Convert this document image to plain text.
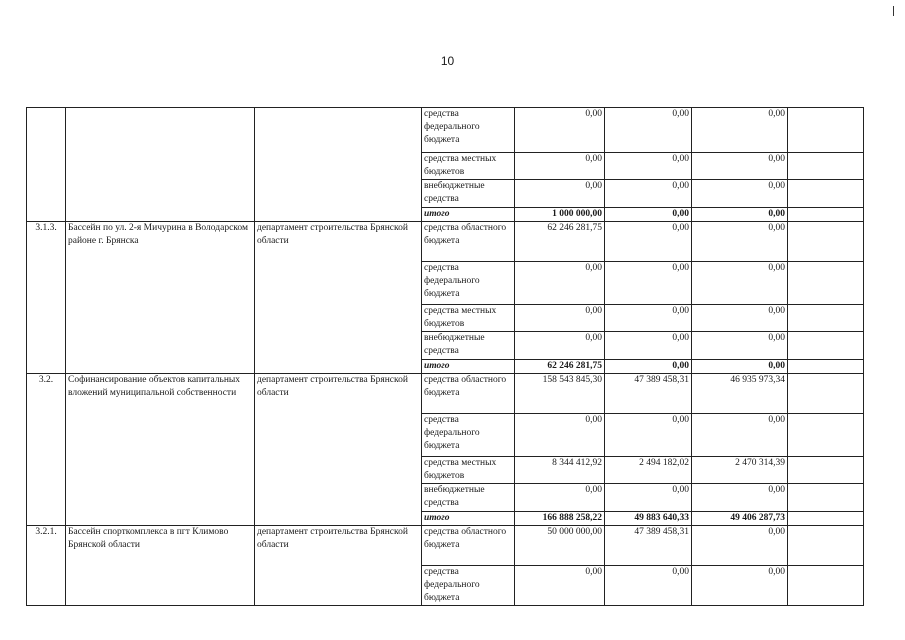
10
			средства федерального бюджета	0,00	0,00	0,00	
			средства местных бюджетов	0,00	0,00	0,00	
			внебюджетные средства	0,00	0,00	0,00	
			итого	1 000 000,00	0,00	0,00	
3.1.3.	Бассейн по ул. 2-я Мичурина в Володарском районе г. Брянска	департамент строительства Брянской области	средства областного бюджета	62 246 281,75	0,00	0,00	
			средства федерального бюджета	0,00	0,00	0,00	
			средства местных бюджетов	0,00	0,00	0,00	
			внебюджетные средства	0,00	0,00	0,00	
			итого	62 246 281,75	0,00	0,00	
3.2.	Софинансирование объектов капитальных вложений муниципальной собственности	департамент строительства Брянской области	средства областного бюджета	158 543 845,30	47 389 458,31	46 935 973,34	
			средства федерального бюджета	0,00	0,00	0,00	
			средства местных бюджетов	8 344 412,92	2 494 182,02	2 470 314,39	
			внебюджетные средства	0,00	0,00	0,00	
			итого	166 888 258,22	49 883 640,33	49 406 287,73	
3.2.1.	Бассейн спорткомплекса в пгт Климово Брянской области	департамент строительства Брянской области	средства областного бюджета	50 000 000,00	47 389 458,31	0,00	
			средства федерального бюджета	0,00	0,00	0,00	
